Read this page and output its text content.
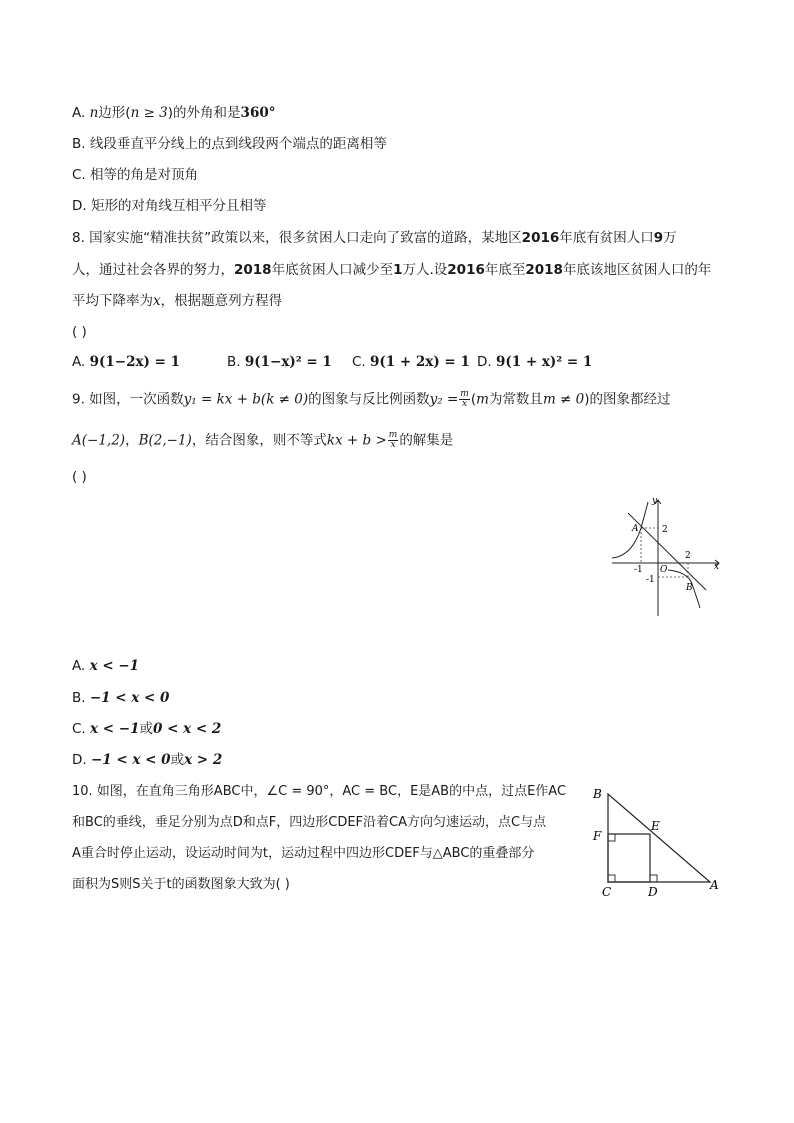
A. n边形(n ≥ 3)的外角和是360°
B. 线段垂直平分线上的点到线段两个端点的距离相等
C. 相等的角是对顶角
D. 矩形的对角线互相平分且相等
8. 国家实施“精准扶贫”政策以来，很多贫困人口走向了致富的道路，某地区2016年底有贫困人口9万
人，通过社会各界的努力，2018年底贫困人口减少至1万人.设2016年底至2018年底该地区贫困人口的年
平均下降率为x，根据题意列方程得
( )
A. 9(1−2x) = 1	B. 9(1−x)² = 1 C. 9(1 + 2x) = 1 D. 9(1 + x)² = 1
9. 如图，一次函数y₁ = kx + b(k ≠ 0)的图象与反比例函数$y_2 = \frac{m}{x} (m$为常数且m ≠ 0)的图象都经过
A(−1,2)，B(2,−1)，结合图象，则不等式kx + $b > \frac{m}{x}$ 的解集是
( )
x
y
O
2
-1
2
-1
A
B
A. x < −1
B. −1 < x < 0
C. x < −1或0 < x < 2
D. −1 < x < 0或x > 2
10. 如图，在直角三角形ABC中，∠C = 90°，AC = BC，E是AB的中点，过点E作AC
和BC的垂线，垂足分别为点D和点F，四边形CDEF沿着CA方向匀速运动，点C与点
A重合时停止运动，设运动时间为t，运动过程中四边形CDEF与△ABC的重叠部分
面积为S则S关于t的函数图象大致为( )
B
F
E
C	D	A
